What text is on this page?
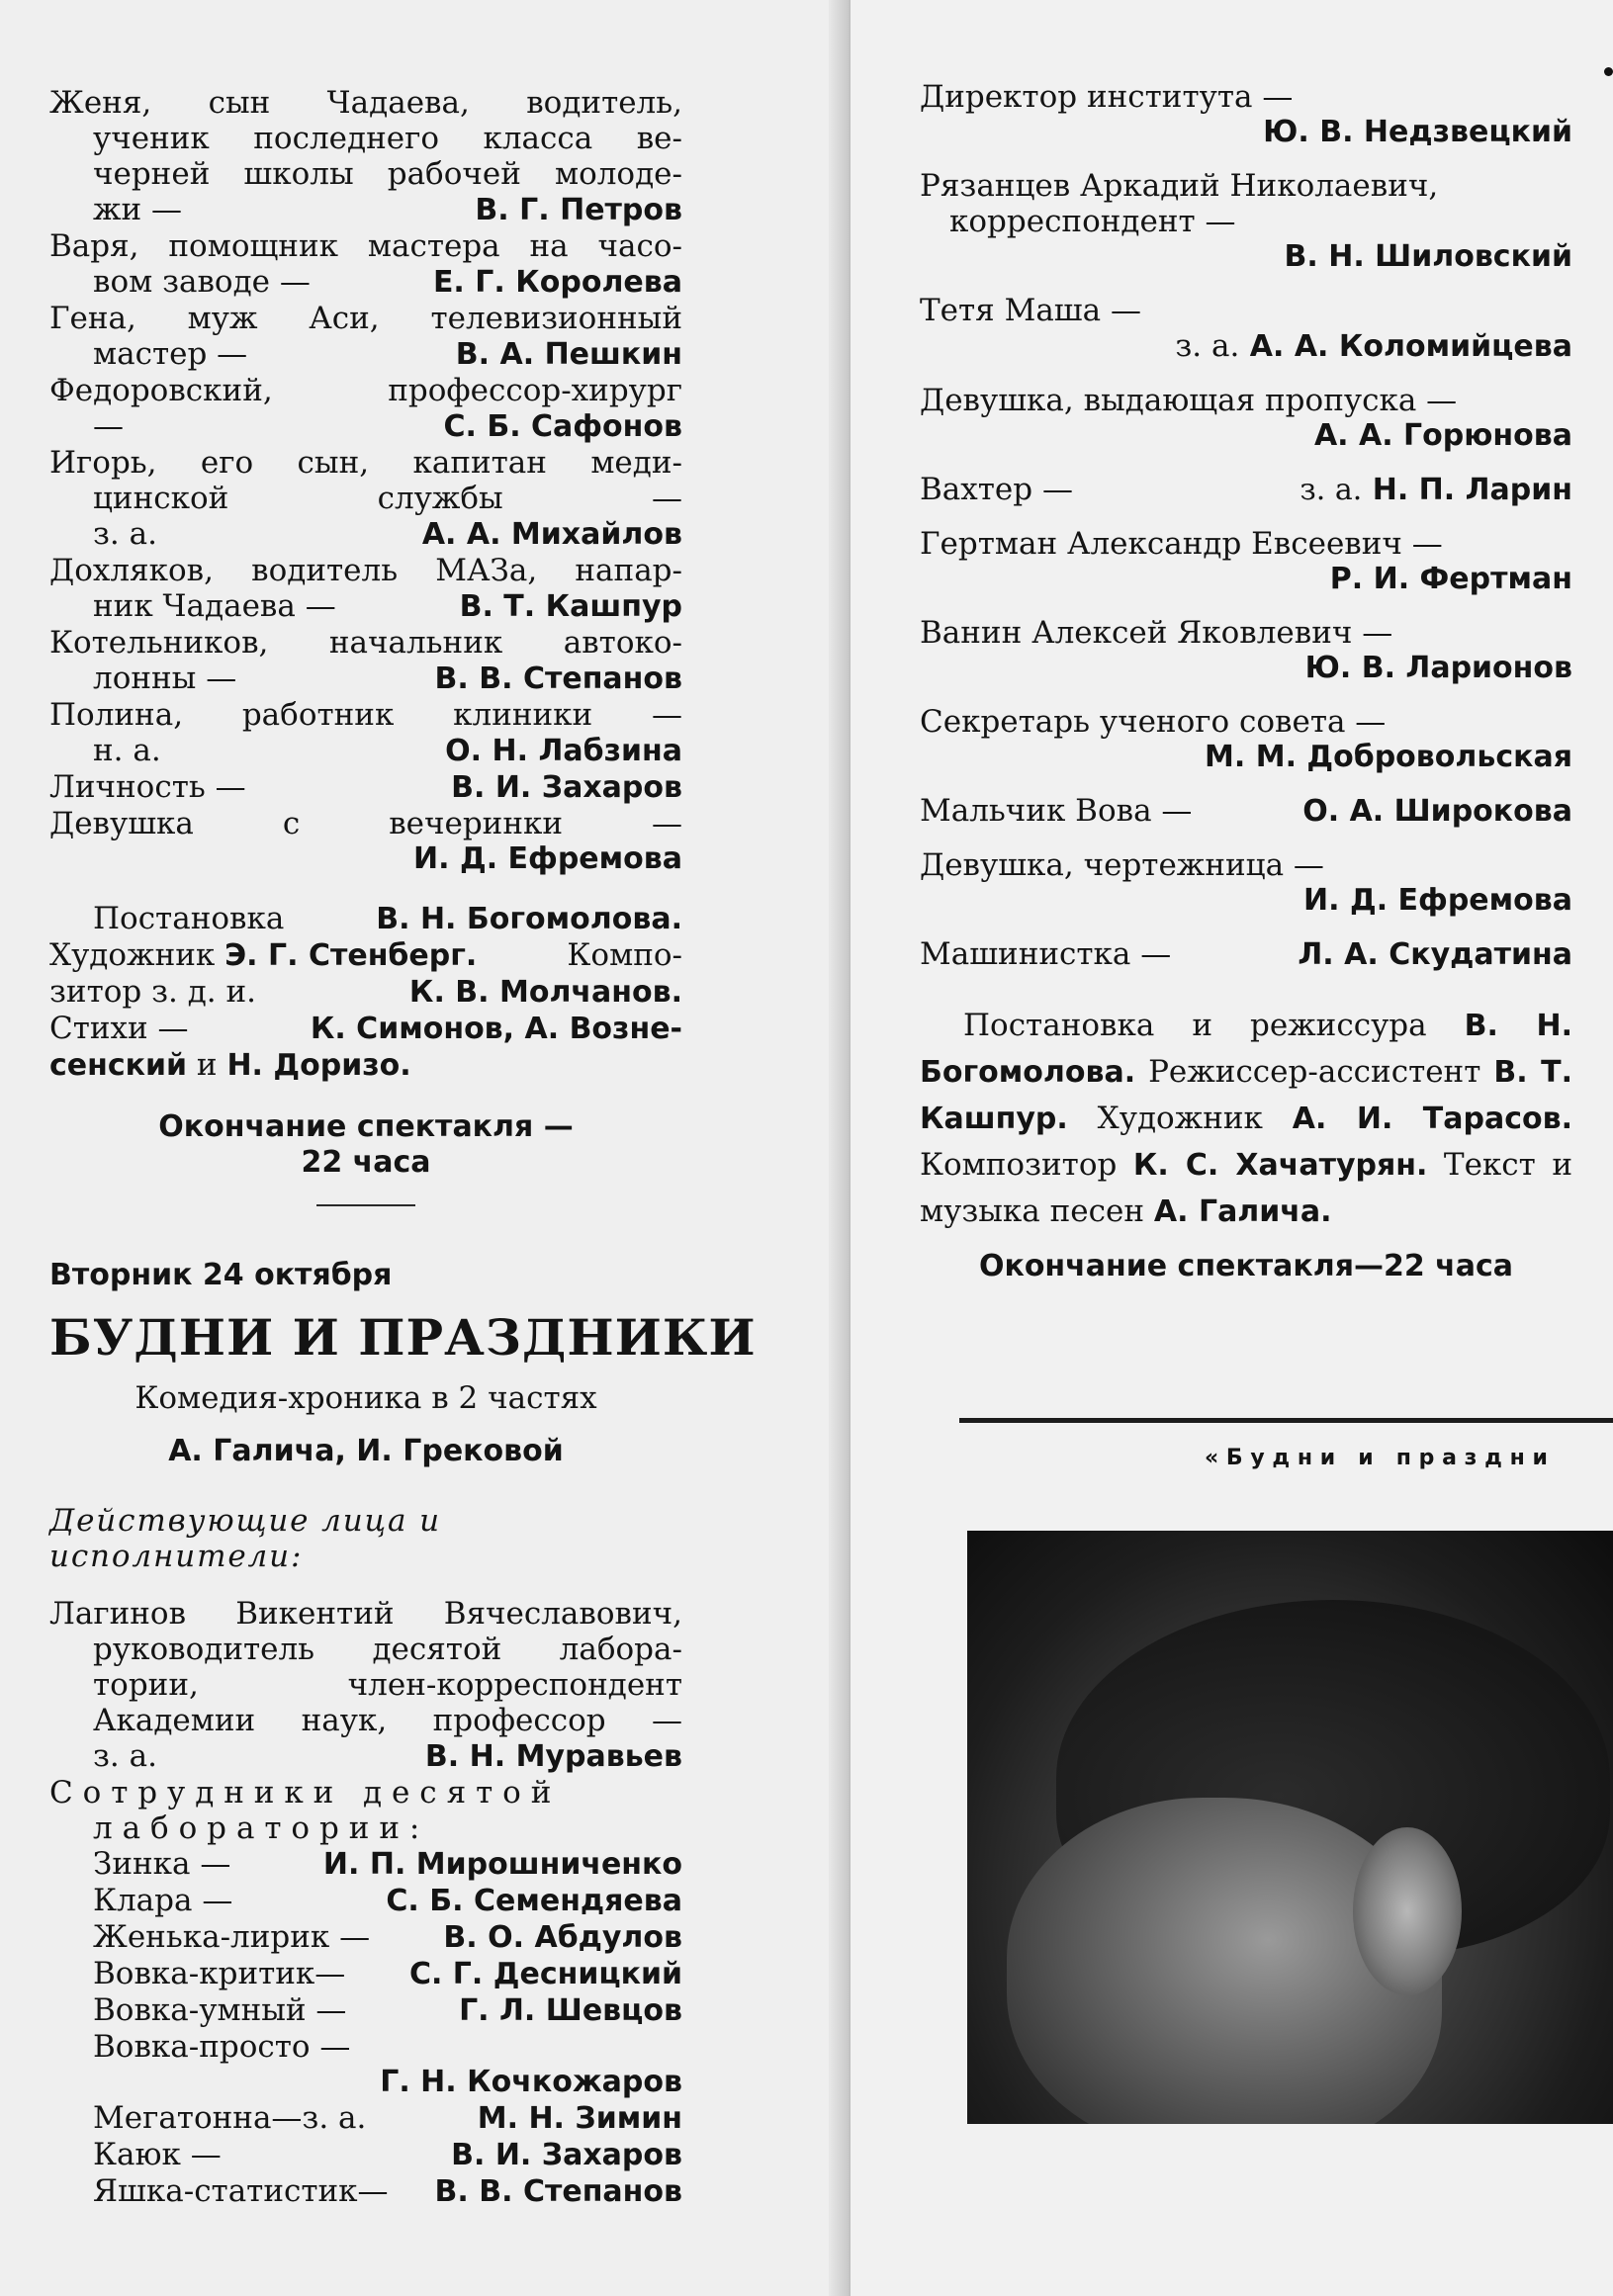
Женя, сын Чадаева, водитель,
ученик последнего класса ве-
черней школы рабочей молоде-
жи —	В. Г. Петров
Варя, помощник мастера на часо-
вом заводе —	Е. Г. Королева
Гена, муж Аси, телевизионный
мастер —	В. А. Пешкин
Федоровский, профессор-хирург
—	С. Б. Сафонов
Игорь, его сын, капитан меди-
цинской службы —
з. а.	А. А. Михайлов
Дохляков, водитель МАЗа, напар-
ник Чадаева —	В. Т. Кашпур
Котельников, начальник автоко-
лонны —	В. В. Степанов
Полина, работник клиники —
н. а.	О. Н. Лабзина
Личность —	В. И. Захаров
Девушка с вечеринки —
И. Д. Ефремова
Постановка	В. Н. Богомолова.
Художник Э. Г. Стенберг.	Компо-
зитор з. д. и.	К. В. Молчанов.
Стихи —	К. Симонов, А. Возне-
сенский и Н. Доризо.
Окончание спектакля —
22 часа
Вторник 24 октября
БУДНИ И ПРАЗДНИКИ
Комедия-хроника в 2 частях
А. Галича, И. Грековой
Действующие лица и исполнители:
Лагинов Викентий Вячеславович,
руководитель десятой лабора-
тории, член-корреспондент
Академии наук, профессор —
з. а.	В. Н. Муравьев
Сотрудники десятой
лаборатории:
Зинка —	И. П. Мирошниченко
Клара —	С. Б. Семендяева
Женька-лирик — В. О. Абдулов
Вовка-критик— С. Г. Десницкий
Вовка-умный —	Г. Л. Шевцов
Вовка-просто —
Г. Н. Кочкожаров
Мегатонна—з. а.	М. Н. Зимин
Каюк —	В. И. Захаров
Яшка-статистик— В. В. Степанов
Директор института —
Ю. В. Недзвецкий
Рязанцев Аркадий Николаевич,
корреспондент —
В. Н. Шиловский
Тетя Маша —
з. а. А. А. Коломийцева
Девушка, выдающая пропуска —
А. А. Горюнова
Вахтер —	з. а. Н. П. Ларин
Гертман Александр Евсеевич —
Р. И. Фертман
Ванин Алексей Яковлевич —
Ю. В. Ларионов
Секретарь ученого совета —
М. М. Добровольская
Мальчик Вова —	О. А. Широкова
Девушка, чертежница —
И. Д. Ефремова
Машинистка —	Л. А. Скудатина
Постановка и режиссура В. Н. Богомолова. Режиссер-ассистент В. Т. Кашпур. Художник А. И. Тарасов. Композитор К. С. Хачатурян. Текст и музыка песен А. Галича.
Окончание спектакля—22 часа
«Будни и праздни
